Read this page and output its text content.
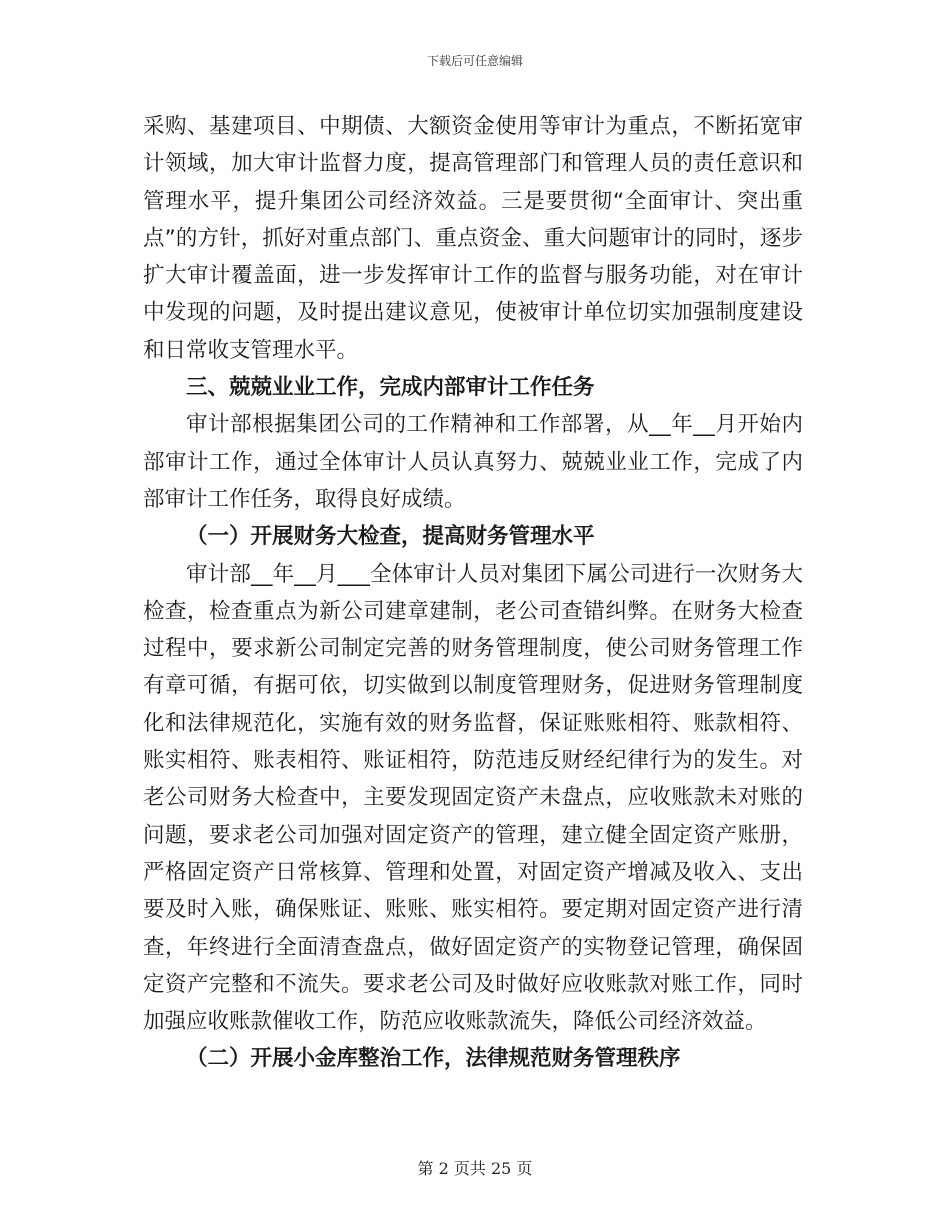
下载后可任意编辑

采购、基建项目、中期债、大额资金使用等审计为重点，不断拓宽审计领域，加大审计监督力度，提高管理部门和管理人员的责任意识和管理水平，提升集团公司经济效益。三是要贯彻“全面审计、突出重点”的方针，抓好对重点部门、重点资金、重大问题审计的同时，逐步扩大审计覆盖面，进一步发挥审计工作的监督与服务功能，对在审计中发现的问题，及时提出建议意见，使被审计单位切实加强制度建设和日常收支管理水平。

三、兢兢业业工作，完成内部审计工作任务

审计部根据集团公司的工作精神和工作部署，从__年__月开始内部审计工作，通过全体审计人员认真努力、兢兢业业工作，完成了内部审计工作任务，取得良好成绩。

（一）开展财务大检查，提高财务管理水平

审计部__年__月___全体审计人员对集团下属公司进行一次财务大检查，检查重点为新公司建章建制，老公司查错纠弊。在财务大检查过程中，要求新公司制定完善的财务管理制度，使公司财务管理工作有章可循，有据可依，切实做到以制度管理财务，促进财务管理制度化和法律规范化，实施有效的财务监督，保证账账相符、账款相符、账实相符、账表相符、账证相符，防范违反财经纪律行为的发生。对老公司财务大检查中，主要发现固定资产未盘点，应收账款未对账的问题，要求老公司加强对固定资产的管理，建立健全固定资产账册，严格固定资产日常核算、管理和处置，对固定资产增减及收入、支出要及时入账，确保账证、账账、账实相符。要定期对固定资产进行清查，年终进行全面清查盘点，做好固定资产的实物登记管理，确保固定资产完整和不流失。要求老公司及时做好应收账款对账工作，同时加强应收账款催收工作，防范应收账款流失，降低公司经济效益。

（二）开展小金库整治工作，法律规范财务管理秩序

第 2 页共 25 页
